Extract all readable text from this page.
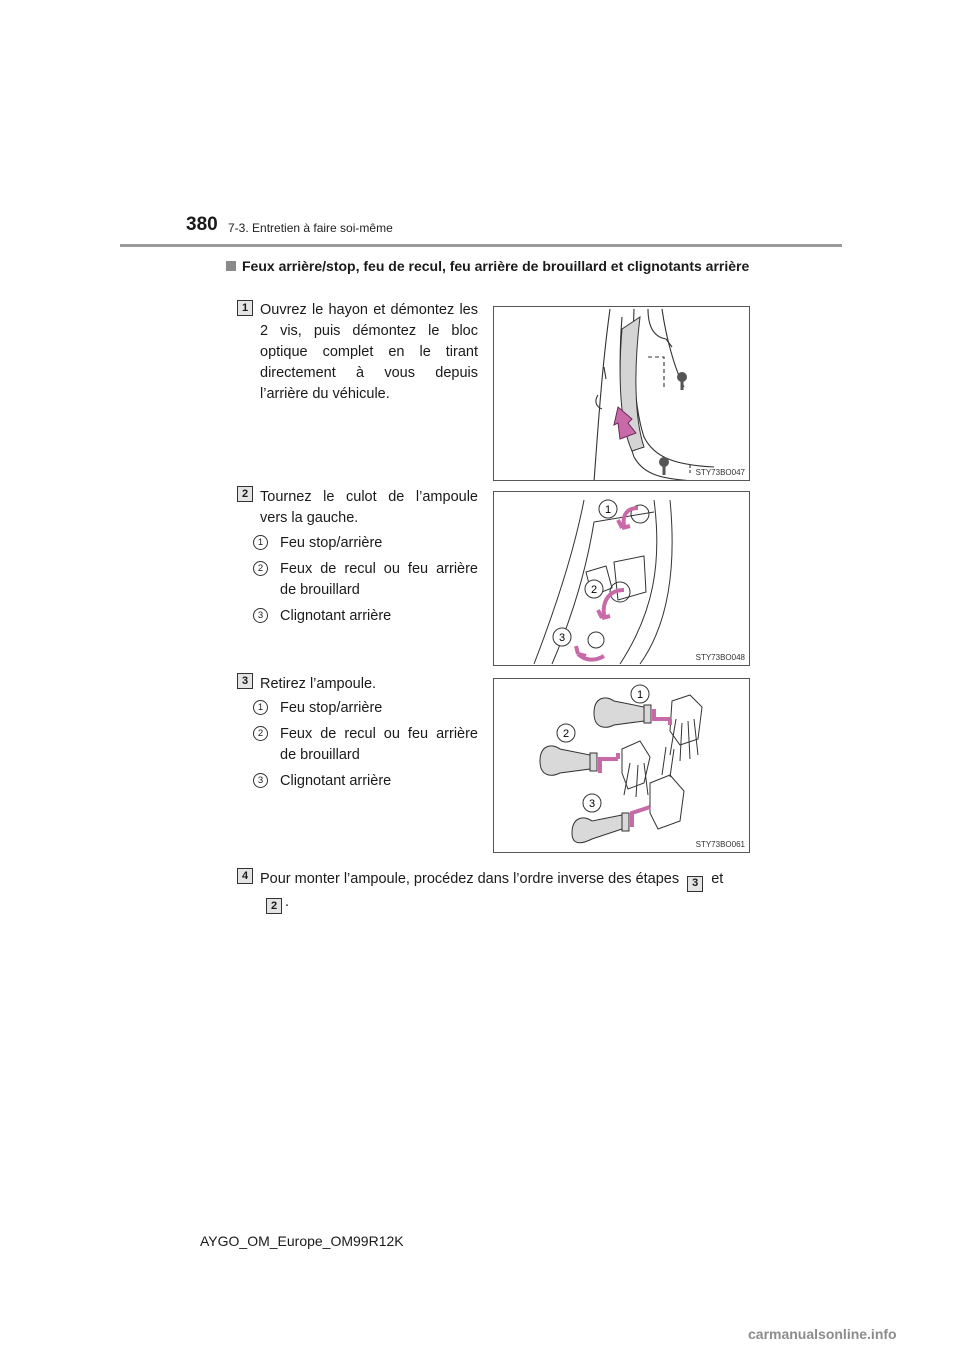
380 7-3. Entretien à faire soi-même
Feux arrière/stop, feu de recul, feu arrière de brouillard et clignotants arrière
1 Ouvrez le hayon et démontez les 2 vis, puis démontez le bloc optique complet en le tirant directement à vous depuis l’arrière du véhicule.
STY73BO047
2 Tournez le culot de l’ampoule vers la gauche.
1	Feu stop/arrière
2	Feux de recul ou feu arrière de brouillard
3	Clignotant arrière
1
2
3
STY73BO048
3 Retirez l’ampoule.
1	Feu stop/arrière
2	Feux de recul ou feu arrière de brouillard
3	Clignotant arrière
1
2
3
STY73BO061
4 Pour monter l’ampoule, procédez dans l’ordre inverse des étapes 3 et
2 .
AYGO_OM_Europe_OM99R12K
carmanualsonline.info
